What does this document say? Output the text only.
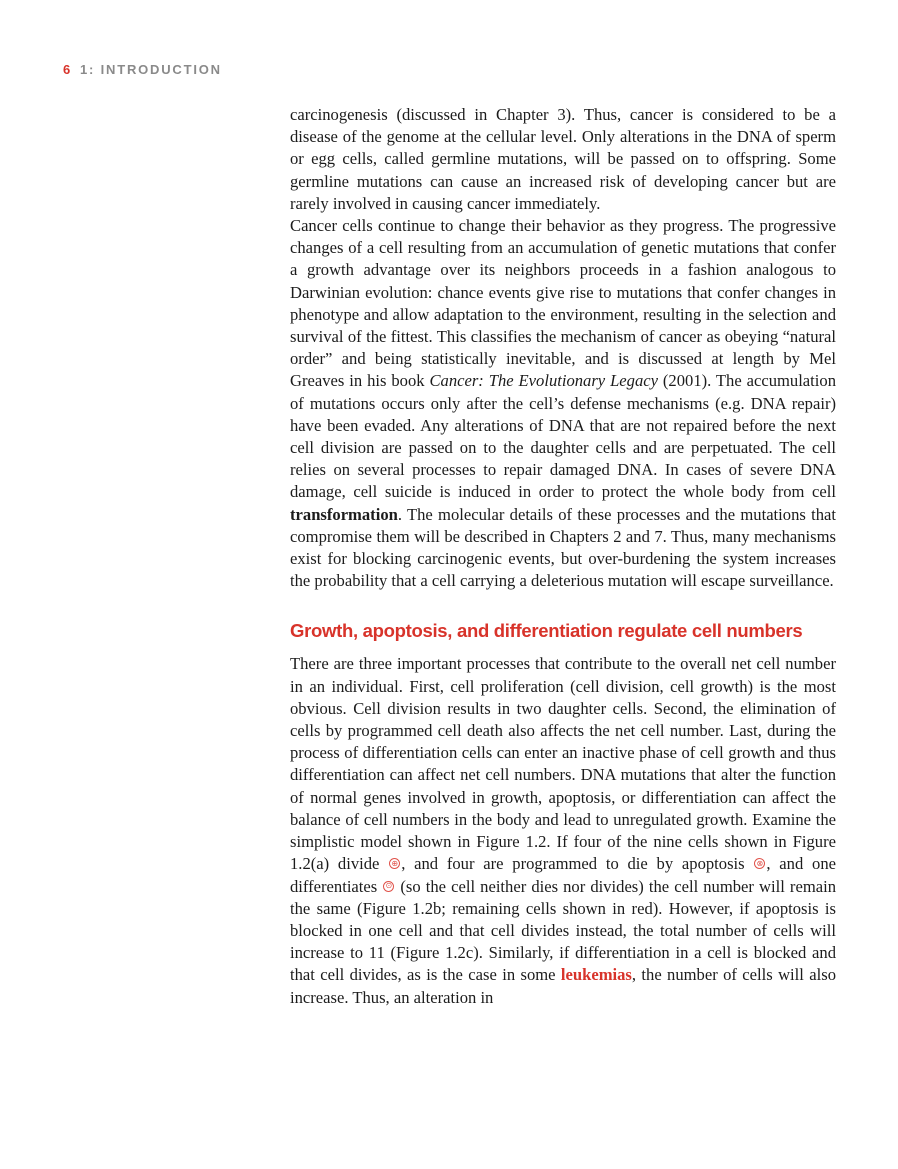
6 1: INTRODUCTION

carcinogenesis (discussed in Chapter 3). Thus, cancer is considered to be a disease of the genome at the cellular level. Only alterations in the DNA of sperm or egg cells, called germline mutations, will be passed on to offspring. Some germline mutations can cause an increased risk of developing cancer but are rarely involved in causing cancer immediately.

Cancer cells continue to change their behavior as they progress. The progressive changes of a cell resulting from an accumulation of genetic mutations that confer a growth advantage over its neighbors proceeds in a fashion analogous to Darwinian evolution: chance events give rise to mutations that confer changes in phenotype and allow adaptation to the environment, resulting in the selection and survival of the fittest. This classifies the mechanism of cancer as obeying “natural order” and being statistically inevitable, and is discussed at length by Mel Greaves in his book Cancer: The Evolutionary Legacy (2001). The accumulation of mutations occurs only after the cell’s defense mechanisms (e.g. DNA repair) have been evaded. Any alterations of DNA that are not repaired before the next cell division are passed on to the daughter cells and are perpetuated. The cell relies on several processes to repair damaged DNA. In cases of severe DNA damage, cell suicide is induced in order to protect the whole body from cell transformation. The molecular details of these processes and the mutations that compromise them will be described in Chapters 2 and 7. Thus, many mechanisms exist for blocking carcinogenic events, but over-burdening the system increases the probability that a cell carrying a deleterious mutation will escape surveillance.

Growth, apoptosis, and differentiation regulate cell numbers

There are three important processes that contribute to the overall net cell number in an individual. First, cell proliferation (cell division, cell growth) is the most obvious. Cell division results in two daughter cells. Second, the elimination of cells by programmed cell death also affects the net cell number. Last, during the process of differentiation cells can enter an inactive phase of cell growth and thus differentiation can affect net cell numbers. DNA mutations that alter the function of normal genes involved in growth, apoptosis, or differentiation can affect the balance of cell numbers in the body and lead to unregulated growth. Examine the simplistic model shown in Figure 1.2. If four of the nine cells shown in Figure 1.2(a) divide ⊕ , and four are programmed to die by apoptosis ⊗ , and one differentiates ⊙ (so the cell neither dies nor divides) the cell number will remain the same (Figure 1.2b; remaining cells shown in red). However, if apoptosis is blocked in one cell and that cell divides instead, the total number of cells will increase to 11 (Figure 1.2c). Similarly, if differentiation in a cell is blocked and that cell divides, as is the case in some leukemias, the number of cells will also increase. Thus, an alteration in
